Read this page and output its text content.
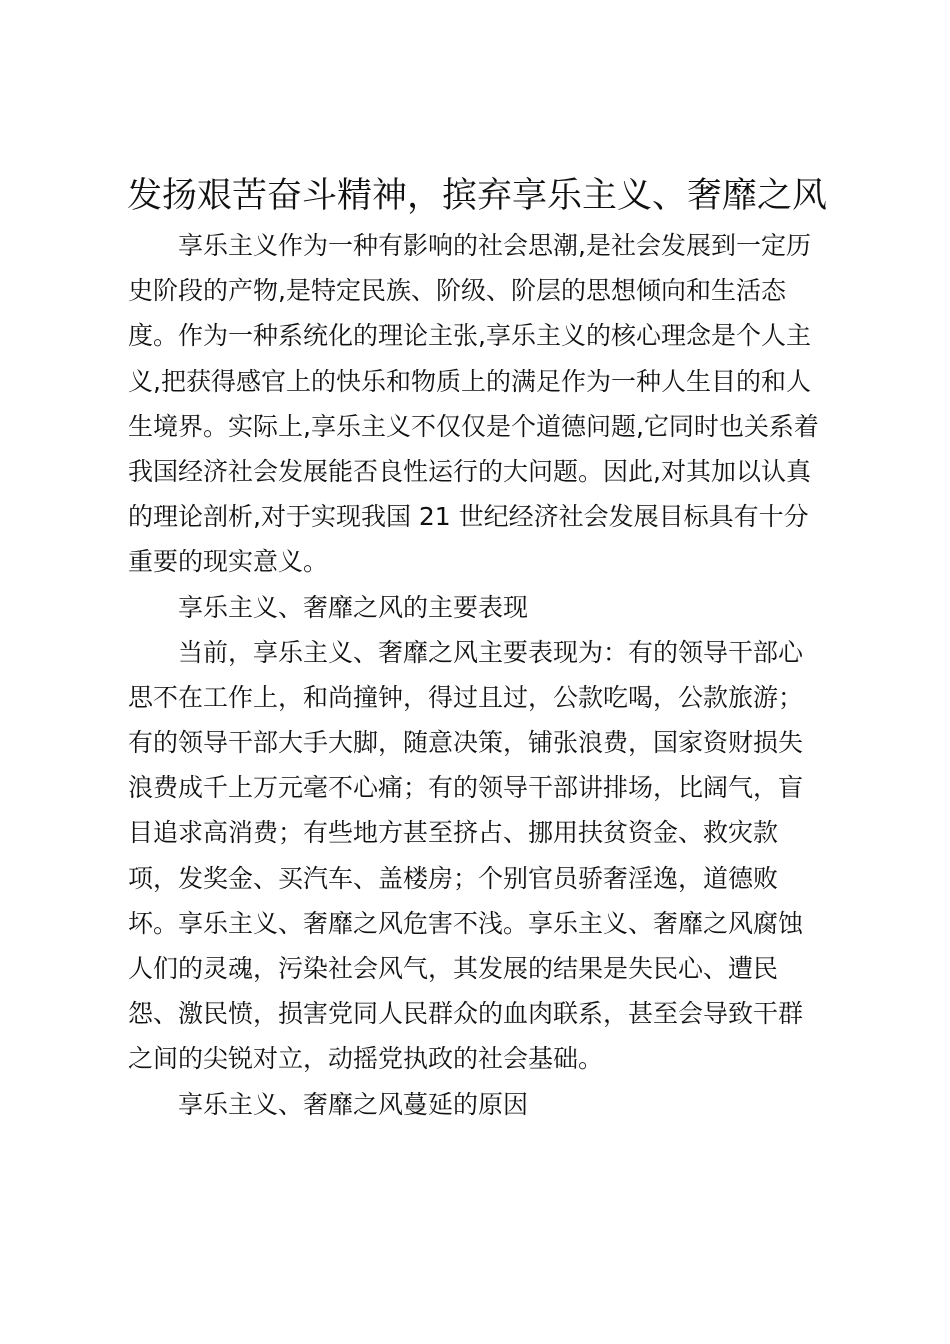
发扬艰苦奋斗精神，摈弃享乐主义、奢靡之风
享乐主义作为一种有影响的社会思潮,是社会发展到一定历
史阶段的产物,是特定民族、阶级、阶层的思想倾向和生活态
度。作为一种系统化的理论主张,享乐主义的核心理念是个人主
义,把获得感官上的快乐和物质上的满足作为一种人生目的和人
生境界。实际上,享乐主义不仅仅是个道德问题,它同时也关系着
我国经济社会发展能否良性运行的大问题。因此,对其加以认真
的理论剖析,对于实现我国 21 世纪经济社会发展目标具有十分
重要的现实意义。
享乐主义、奢靡之风的主要表现
当前，享乐主义、奢靡之风主要表现为：有的领导干部心
思不在工作上，和尚撞钟，得过且过，公款吃喝，公款旅游；
有的领导干部大手大脚，随意决策，铺张浪费，国家资财损失
浪费成千上万元毫不心痛；有的领导干部讲排场，比阔气，盲
目追求高消费；有些地方甚至挤占、挪用扶贫资金、救灾款
项，发奖金、买汽车、盖楼房；个别官员骄奢淫逸，道德败
坏。享乐主义、奢靡之风危害不浅。享乐主义、奢靡之风腐蚀
人们的灵魂，污染社会风气，其发展的结果是失民心、遭民
怨、激民愤，损害党同人民群众的血肉联系，甚至会导致干群
之间的尖锐对立，动摇党执政的社会基础。
享乐主义、奢靡之风蔓延的原因
